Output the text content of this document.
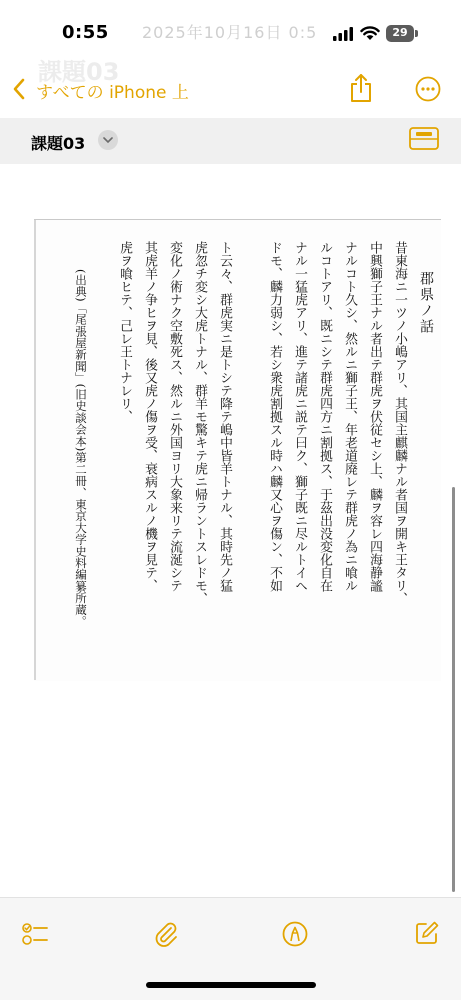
0:55 2025年10月16日 0:5	29
課題03
すべての iPhone 上
課題03
郡県ノ話
昔東海ニ一ツノ小嶋アリ、其国主麒麟ナル者国ヲ開キ王タリ、
中興獅子王ナル者出テ群虎ヲ伏従セシ上、麟ヲ容レ四海静謐
ナルコト久シ、然ルニ獅子王、年老道廃レテ群虎ノ為ニ喰ル
ルコトアリ、既ニシテ群虎四方ニ割拠ス、于茲出没変化自在
ナル一猛虎アリ、進テ諸虎ニ説テ曰ク、獅子既ニ尽ルトイヘ
ドモ、麟力弱シ、若シ衆虎割拠スル時ハ麟又心ヲ傷ン、不如
ト云々、群虎実ニ是トシテ降テ嶋中皆羊トナル、其時先ノ猛
虎忽チ変シ大虎トナル、群羊モ驚キテ虎ニ帰ラントスレドモ、
変化ノ術ナク空敷死ス、然ルニ外国ヨリ大象来リテ流涎シテ
其虎羊ノ争ヒヲ見、後又虎ノ傷ヲ受、衰病スルノ機ヲ見テ、
虎ヲ喰ヒテ、己レ王トナレリ、
(出典)「尾張屋新聞」(旧史談会本)第二冊、東京大学史料編纂所蔵。
